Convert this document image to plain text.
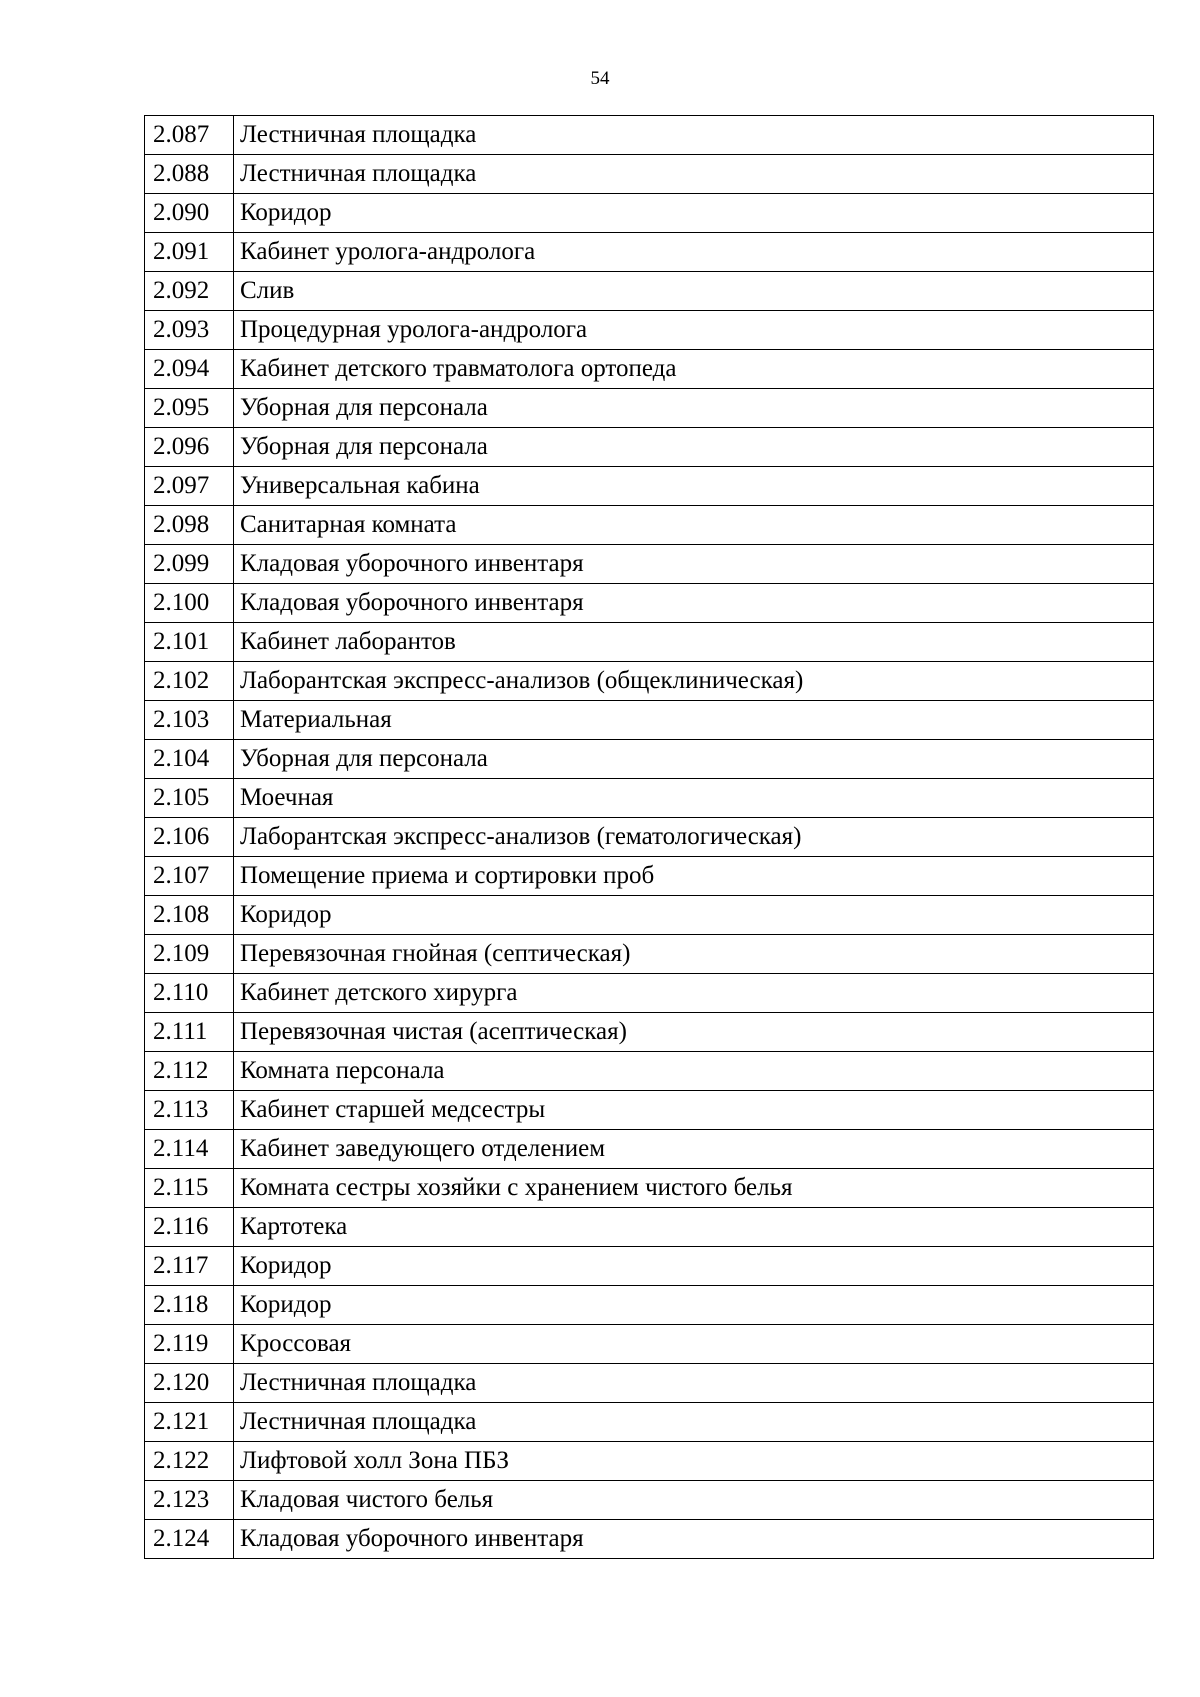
54
2.087	Лестничная площадка
2.088	Лестничная площадка
2.090	Коридор
2.091	Кабинет уролога-андролога
2.092	Слив
2.093	Процедурная уролога-андролога
2.094	Кабинет детского травматолога ортопеда
2.095	Уборная для персонала
2.096	Уборная для персонала
2.097	Универсальная кабина
2.098	Санитарная комната
2.099	Кладовая уборочного инвентаря
2.100	Кладовая уборочного инвентаря
2.101	Кабинет лаборантов
2.102	Лаборантская экспресс-анализов (общеклиническая)
2.103	Материальная
2.104	Уборная для персонала
2.105	Моечная
2.106	Лаборантская экспресс-анализов (гематологическая)
2.107	Помещение приема и сортировки проб
2.108	Коридор
2.109	Перевязочная гнойная (септическая)
2.110	Кабинет детского хирурга
2.111	Перевязочная чистая (асептическая)
2.112	Комната персонала
2.113	Кабинет старшей медсестры
2.114	Кабинет заведующего отделением
2.115	Комната сестры хозяйки с хранением чистого белья
2.116	Картотека
2.117	Коридор
2.118	Коридор
2.119	Кроссовая
2.120	Лестничная площадка
2.121	Лестничная площадка
2.122	Лифтовой холл Зона ПБЗ
2.123	Кладовая чистого белья
2.124	Кладовая уборочного инвентаря
